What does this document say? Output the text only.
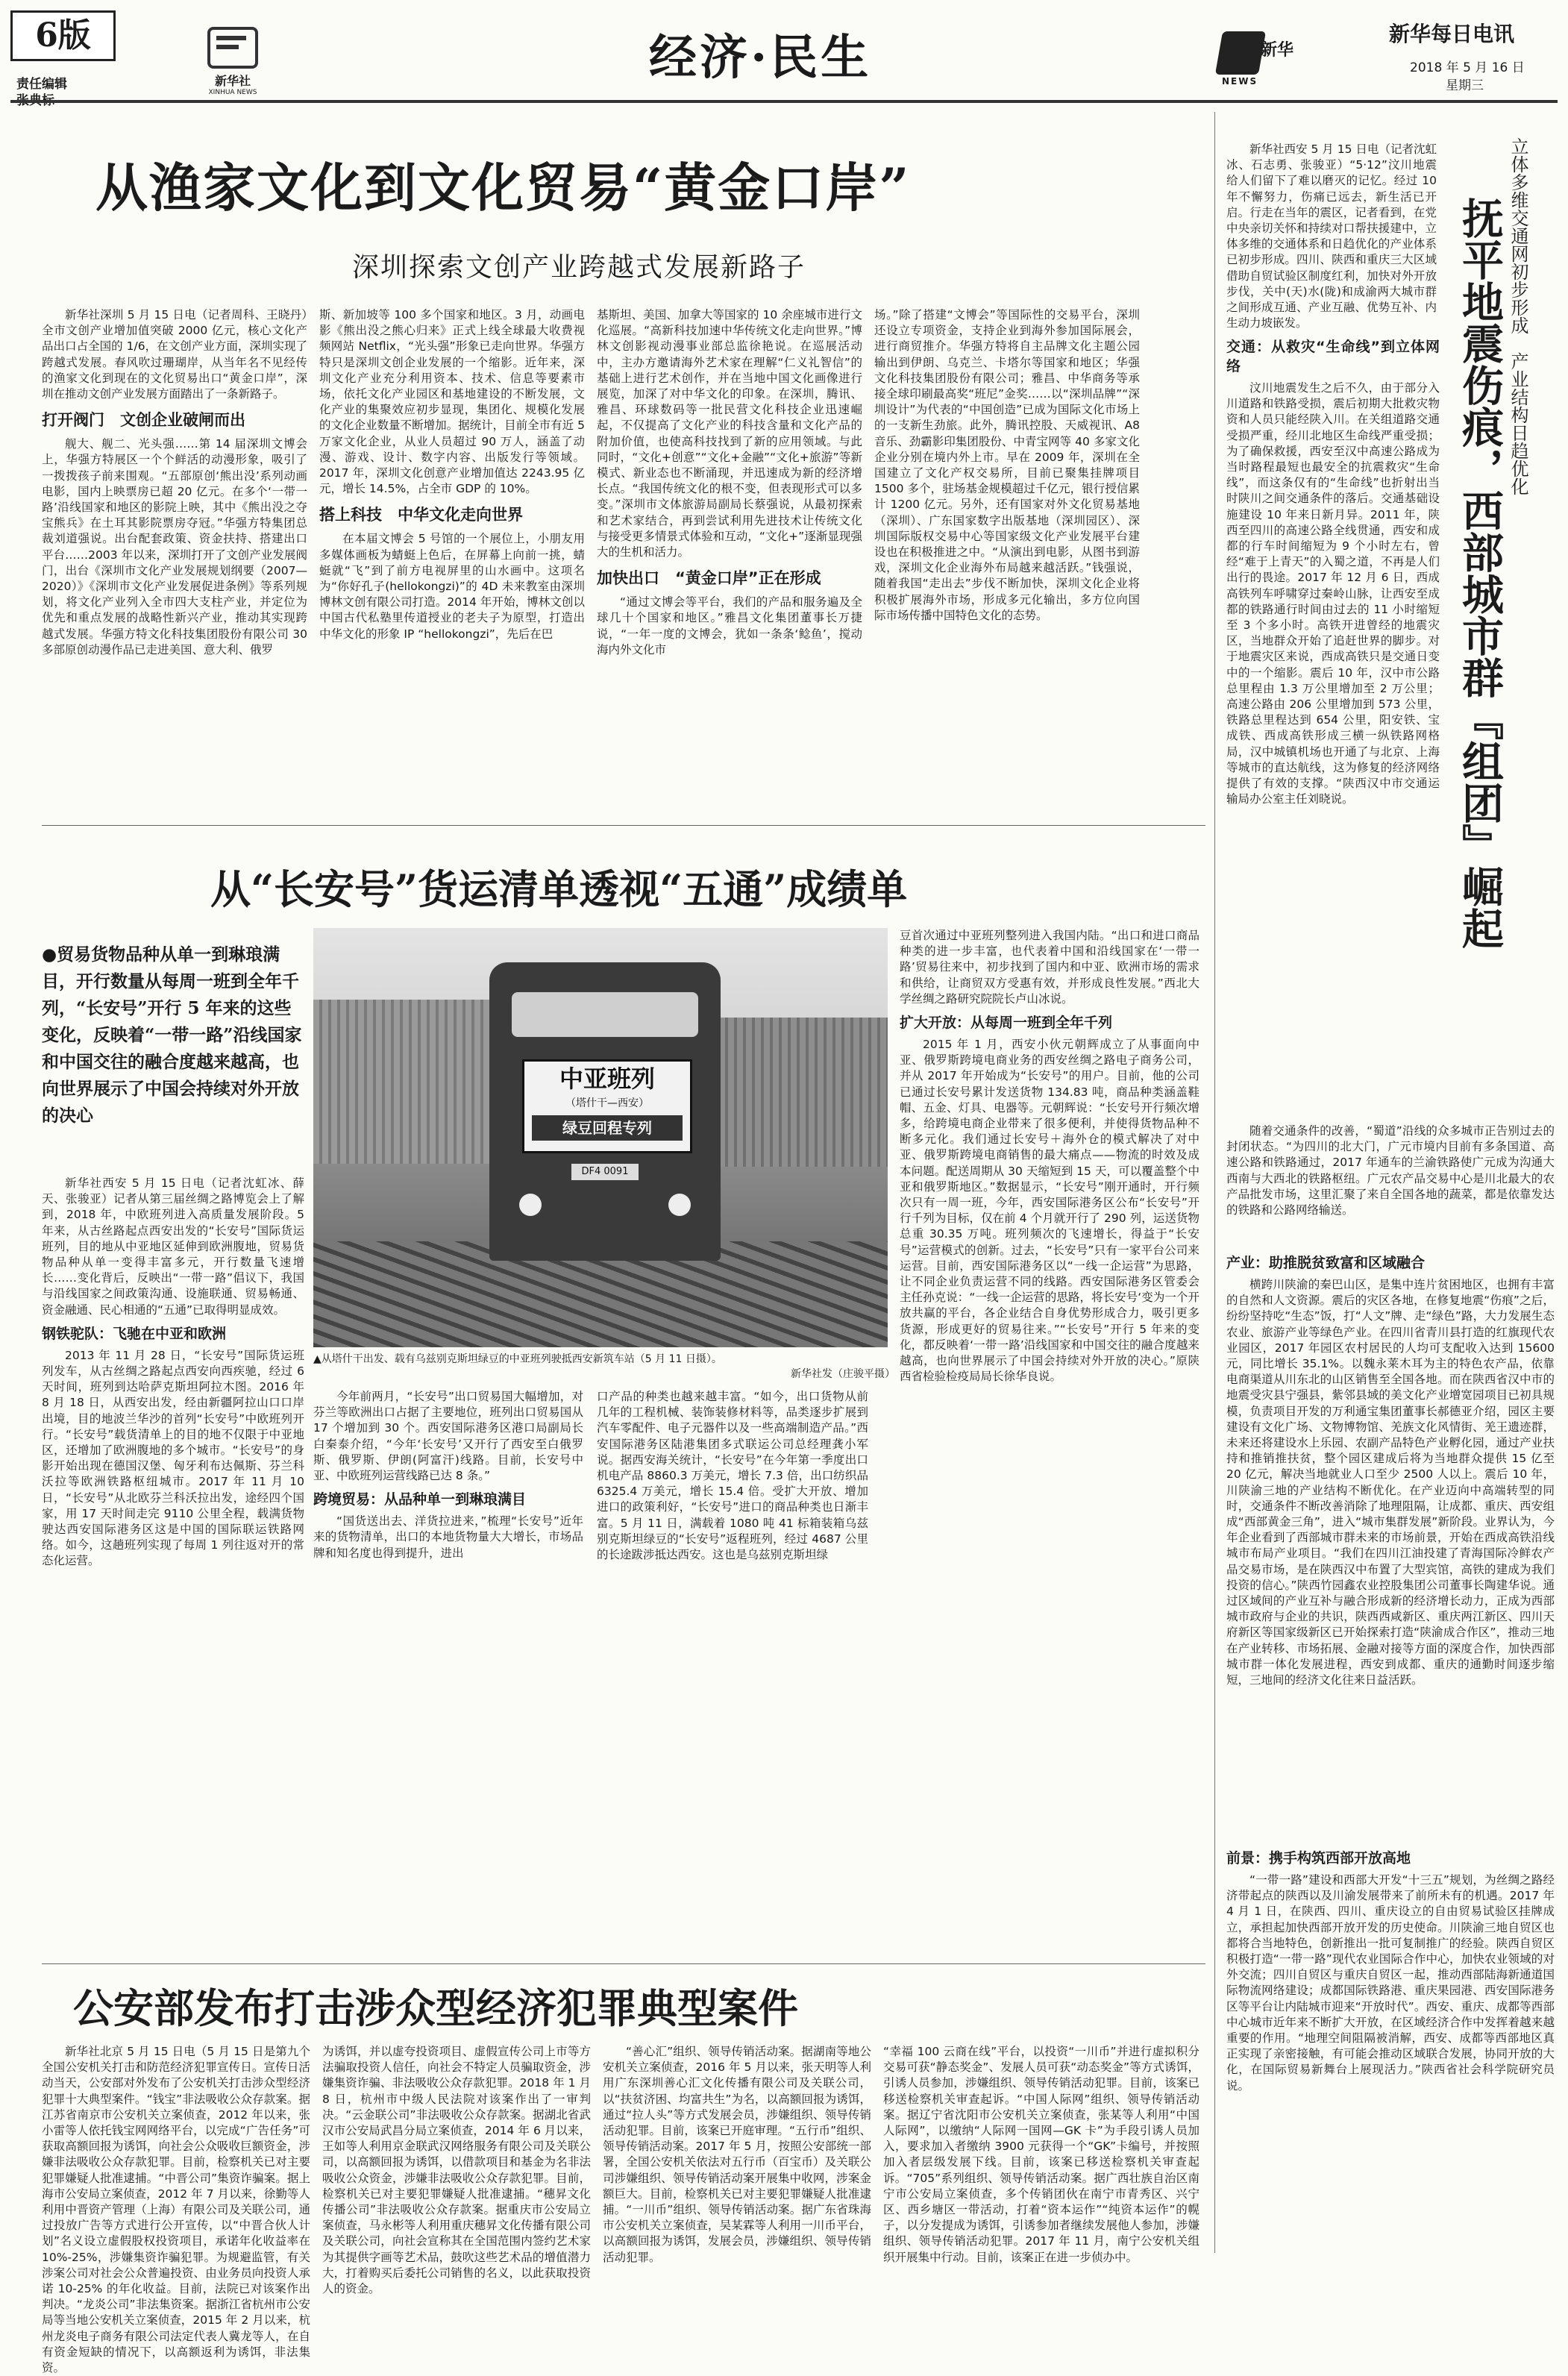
6版
责任编辑
张典标
新华社
XINHUA NEWS
经济·民生	新华
NEWS
新华每日电讯
2018 年 5 月 16 日
星期三
从渔家文化到文化贸易“黄金口岸”
深圳探索文创产业跨越式发展新路子

新华社深圳 5 月 15 日电（记者周科、王晓丹）全市文创产业增加值突破 2000 亿元，核心文化产品出口占全国的 1/6，在文创产业方面，深圳实现了跨越式发展。春风吹过珊瑚岸，从当年名不见经传的渔家文化到现在的文化贸易出口“黄金口岸”，深圳在推动文创产业发展方面踏出了一条新路子。

打开阀门　文创企业破闸而出

舰大、舰二、光头强……第 14 届深圳文博会上，华强方特展区一个个鲜活的动漫形象，吸引了一拨拨孩子前来围观。“五部原创‘熊出没’系列动画电影，国内上映票房已超 20 亿元。在多个‘一带一路’沿线国家和地区的影院上映，其中《熊出没之夺宝熊兵》在土耳其影院票房夺冠。”华强方特集团总裁刘道强说。出台配套政策、资金扶持、搭建出口平台……2003 年以来，深圳打开了文创产业发展阀门，出台《深圳市文化产业发展规划纲要（2007—2020）》《深圳市文化产业发展促进条例》等系列规划，将文化产业列入全市四大支柱产业，并定位为优先和重点发展的战略性新兴产业，推动其实现跨越式发展。华强方特文化科技集团股份有限公司 30 多部原创动漫作品已走进美国、意大利、俄罗

斯、新加坡等 100 多个国家和地区。3 月，动画电影《熊出没之熊心归来》正式上线全球最大收费视频网站 Netflix，“光头强”形象已走向世界。华强方特只是深圳文创企业发展的一个缩影。近年来，深圳文化产业充分利用资本、技术、信息等要素市场，依托文化产业园区和基地建设的不断发展，文化产业的集聚效应初步显现，集团化、规模化发展的文化企业数量不断增加。据统计，目前全市有近 5 万家文化企业，从业人员超过 90 万人，涵盖了动漫、游戏、设计、数字内容、出版发行等领域。2017 年，深圳文化创意产业增加值达 2243.95 亿元，增长 14.5%，占全市 GDP 的 10%。

搭上科技　中华文化走向世界

在本届文博会 5 号馆的一个展位上，小朋友用多媒体画板为蜻蜓上色后，在屏幕上向前一挑，蜻蜓就“飞”到了前方电视屏里的山水画中。这项名为“你好孔子(hellokongzi)”的 4D 未来教室由深圳博林文创有限公司打造。2014 年开始，博林文创以中国古代私塾里传道授业的老夫子为原型，打造出中华文化的形象 IP “hellokongzi”，先后在巴

基斯坦、美国、加拿大等国家的 10 余座城市进行文化巡展。“高新科技加速中华传统文化走向世界。”博林文创影视动漫事业部总监徐艳说。在巡展活动中，主办方邀请海外艺术家在理解“仁义礼智信”的基础上进行艺术创作，并在当地中国文化画像进行展览，加深了对中华文化的印象。在深圳，腾讯、雅昌、环球数码等一批民营文化科技企业迅速崛起，不仅提高了文化产业的科技含量和文化产品的附加价值，也使高科技找到了新的应用领域。与此同时，“文化+创意”“文化+金融”“文化+旅游”等新模式、新业态也不断涌现，并迅速成为新的经济增长点。“我国传统文化的根不变，但表现形式可以多变。”深圳市文体旅游局副局长蔡强说，从最初探索和艺术家结合，再到尝试利用先进技术让传统文化与接受更多情景式体验和互动，“文化+”逐渐显现强大的生机和活力。

加快出口　“黄金口岸”正在形成

“通过文博会等平台，我们的产品和服务遍及全球几十个国家和地区。”雅昌文化集团董事长万捷说，“一年一度的文博会，犹如一条条‘鲶鱼’，搅动海内外文化市

场。”除了搭建“文博会”等国际性的交易平台，深圳还设立专项资金，支持企业到海外参加国际展会，进行商贸推介。华强方特将自主品牌文化主题公园输出到伊朗、乌克兰、卡塔尔等国家和地区；华强文化科技集团股份有限公司；雅昌、中华商务等承接全球印刷最高奖“班尼”金奖……以“深圳品牌”“深圳设计”为代表的“中国创造”已成为国际文化市场上的一支新生劲旅。此外，腾讯控股、天威视讯、A8 音乐、劲霸影印集团股份、中青宝网等 40 多家文化企业分别在境内外上市。早在 2009 年，深圳在全国建立了文化产权交易所，目前已聚集挂牌项目 1500 多个，驻场基金规模超过千亿元，银行授信累计 1200 亿元。另外，还有国家对外文化贸易基地（深圳）、广东国家数字出版基地（深圳园区）、深圳国际版权交易中心等国家级文化产业发展平台建设也在积极推进之中。“从演出到电影，从图书到游戏，深圳文化企业海外布局越来越活跃。”钱强说，随着我国“走出去”步伐不断加快，深圳文化企业将积极扩展海外市场，形成多元化输出，多方位向国际市场传播中国特色文化的态势。

新华社西安 5 月 15 日电（记者沈虹冰、石志勇、张骏亚）“5·12”汶川地震给人们留下了难以磨灭的记忆。经过 10 年不懈努力，伤痛已远去，新生活已开启。行走在当年的震区，记者看到，在党中央亲切关怀和持续对口帮扶援建中，立体多维的交通体系和日趋优化的产业体系已初步形成。四川、陕西和重庆三大区域借助自贸试验区制度红利，加快对外开放步伐，关中(天)水(陇)和成渝两大城市群之间形成互通、产业互融、优势互补、内生动力坡嵌发。	立体多维交通网初步形成　产业结构日趋优化
抚平地震伤痕，西部城市群『组团』崛起
交通：从救灾“生命线”到立体网络

汶川地震发生之后不久，由于部分入川道路和铁路受损，震后初期大批救灾物资和人员只能经陕入川。在关组道路交通受损严重，经川北地区生命线严重受损；为了确保救援，西安至汉中高速公路成为当时路程最短也最安全的抗震救灾“生命线”，而这条仅有的“生命线”也折射出当时陕川之间交通条件的落后。交通基础设施建设 10 年来日新月异。2011 年，陕西至四川的高速公路全线贯通，西安和成都的行车时间缩短为 9 个小时左右，曾经“难于上青天”的入蜀之道，不再是人们出行的畏途。2017 年 12 月 6 日，西成高铁列车呼啸穿过秦岭山脉，让西安至成都的铁路通行时间由过去的 11 小时缩短至 3 个多小时。高铁开进曾经的地震灾区，当地群众开始了追赶世界的脚步。对于地震灾区来说，西成高铁只是交通日变中的一个缩影。震后 10 年，汉中市公路总里程由 1.3 万公里增加至 2 万公里；高速公路由 206 公里增加到 573 公里，铁路总里程达到 654 公里，阳安铁、宝成铁、西成高铁形成三横一纵铁路网格局，汉中城镇机场也开通了与北京、上海等城市的直达航线，这为修复的经济网络提供了有效的支撑。“陕西汉中市交通运输局办公室主任刘晓说。

随着交通条件的改善，“蜀道”沿线的众多城市正告别过去的封闭状态。“为四川的北大门，广元市境内目前有多条国道、高速公路和铁路通过，2017 年通车的兰渝铁路使广元成为沟通大西南与大西北的铁路枢纽。广元农产品交易中心是川北最大的农产品批发市场，这里汇聚了来自全国各地的蔬菜，都是依靠发达的铁路和公路网络输送。

产业：助推脱贫致富和区域融合

横跨川陕渝的秦巴山区，是集中连片贫困地区，也拥有丰富的自然和人文资源。震后的灾区各地，在修复地震“伤痕”之后，纷纷坚持吃“生态”饭，打“人文”牌、走“绿色”路，大力发展生态农业、旅游产业等绿色产业。在四川省青川县打造的红旗现代农业园区，2017 年园区农村居民的人均可支配收入达到 15600 元，同比增长 35.1%。以魏永莱木耳为主的特色农产品，依靠电商渠道从川东北的山区销售至全国各地。而在陕西省汉中市的地震受灾县宁强县，紫邻县域的美文化产业增宽园项目已初具规模，负责项目开发的万利通宝集团董事长郝德亚介绍，园区主要建设有文化广场、文物博物馆、羌族文化风情街、羌王遗迹群，未来还将建设水上乐园、农副产品特色产业孵化园，通过产业扶持和推销推扶贫，整个园区建成后将为当地群众提供 15 亿至 20 亿元，解决当地就业人口至少 2500 人以上。震后 10 年，川陕渝三地的产业结构不断优化。在产业迈向中高端转型的同时，交通条件不断改善消除了地理阻隔，让成都、重庆、西安组成“西部黄金三角”，进入“城市集群发展”新阶段。业界认为，今年企业看到了西部城市群未来的市场前景，开始在西成高铁沿线城市布局产业项目。“我们在四川江油投建了青海国际冷鲜农产品交易市场，是在陕西汉中布置了大型宾馆，高铁的建成为我们投资的信心。”陕西竹园鑫农业控股集团公司董事长陶建华说。通过区域间的产业互补与融合形成新的经济增长动力，正成为西部城市政府与企业的共识，陕西西咸新区、重庆两江新区、四川天府新区等国家级新区已开始探索打造“陕渝成合作区”，推动三地在产业转移、市场拓展、金融对接等方面的深度合作，加快西部城市群一体化发展进程，西安到成都、重庆的通勤时间逐步缩短，三地间的经济文化往来日益活跃。

前景：携手构筑西部开放高地

“一带一路”建设和西部大开发“十三五”规划，为丝绸之路经济带起点的陕西以及川渝发展带来了前所未有的机遇。2017 年 4 月 1 日，在陕西、四川、重庆设立的自由贸易试验区挂牌成立，承担起加快西部开放开发的历史使命。川陕渝三地自贸区也都将合当地特色，创新推出一批可复制推广的经验。陕西自贸区积极打造“一带一路”现代农业国际合作中心，加快农业领域的对外交流；四川自贸区与重庆自贸区一起，推动西部陆海新通道国际物流网络建设；成都国际铁路港、重庆果园港、西安国际港务区等平台让内陆城市迎来“开放时代”。西安、重庆、成都等西部中心城市近年来不断扩大开放，在区域经济合作中发挥着越来越重要的作用。“地理空间阻隔被消解，西安、成都等西部地区真正实现了亲密接触，有可能会推动区域联合发展，协同开放的大化，在国际贸易新舞台上展现活力。”陕西省社会科学院研究员说。

从“长安号”货运清单透视“五通”成绩单
●贸易货物品种从单一到琳琅满目，开行数量从每周一班到全年千列，“长安号”开行 5 年来的这些变化，反映着“一带一路”沿线国家和中国交往的融合度越来越高，也向世界展示了中国会持续对外开放的决心
中亚班列
（塔什干—西安）
绿豆回程专列
DF4 0091
▲从塔什干出发、载有乌兹别克斯坦绿豆的中亚班列驶抵西安新筑车站（5 月 11 日摄）。
新华社发（庄骏平摄）

新华社西安 5 月 15 日电（记者沈虹冰、薛天、张骏亚）记者从第三届丝绸之路博览会上了解到，2018 年，中欧班列进入高质量发展阶段。5 年来，从古丝路起点西安出发的“长安号”国际货运班列，目的地从中亚地区延伸到欧洲腹地，贸易货物品种从单一变得丰富多元，开行数量飞速增长……变化背后，反映出“一带一路”倡议下，我国与沿线国家之间政策沟通、设施联通、贸易畅通、资金融通、民心相通的“五通”已取得明显成效。

钢铁驼队：飞驰在中亚和欧洲

2013 年 11 月 28 日，“长安号”国际货运班列发车，从古丝绸之路起点西安向西疾驰，经过 6 天时间，班列到达哈萨克斯坦阿拉木图。2016 年 8 月 18 日，从西安出发，经由新疆阿拉山口口岸出境，目的地波兰华沙的首列“长安号”中欧班列开行。“长安号”载货清单上的目的地不仅限于中亚地区，还增加了欧洲腹地的多个城市。“长安号”的身影开始出现在德国汉堡、匈牙利布达佩斯、芬兰科沃拉等欧洲铁路枢纽城市。2017 年 11 月 10 日，“长安号”从北欧芬兰科沃拉出发，途经四个国家，用 17 天时间走完 9110 公里全程，载满货物驶达西安国际港务区这是中国的国际联运铁路网络。如今，这趟班列实现了每周 1 列往返对开的常态化运营。

今年前两月，“长安号”出口贸易国大幅增加，对芬兰等欧洲出口占据了主要地位，班列出口贸易国从 17 个增加到 30 个。西安国际港务区港口局副局长白秦泰介绍，“今年‘长安号’又开行了西安至白俄罗斯、俄罗斯、伊朗(阿富汗)线路。目前，长安号中亚、中欧班列运营线路已达 8 条。”

跨境贸易：从品种单一到琳琅满目

“国货送出去、洋货拉进来，”梳理“长安号”近年来的货物清单，出口的本地货物量大大增长，市场品牌和知名度也得到提升，进出

口产品的种类也越来越丰富。“如今，出口货物从前几年的工程机械、装饰装修材料等，品类逐步扩展到汽车零配件、电子元器件以及一些高端制造产品。”西安国际港务区陆港集团多式联运公司总经理龚小军说。据西安海关统计，“长安号”在今年第一季度出口机电产品 8860.3 万美元，增长 7.3 倍，出口纺织品 6325.4 万美元，增长 15.4 倍。受扩大开放、增加进口的政策利好，“长安号”进口的商品种类也日渐丰富。5 月 11 日，满载着 1080 吨 41 标箱装箱乌兹别克斯坦绿豆的“长安号”返程班列，经过 4687 公里的长途跋涉抵达西安。这也是乌兹别克斯坦绿

豆首次通过中亚班列整列进入我国内陆。“出口和进口商品种类的进一步丰富，也代表着中国和沿线国家在‘一带一路’贸易往来中，初步找到了国内和中亚、欧洲市场的需求和供给，让商贸双方受惠有效，并形成良性发展。”西北大学丝绸之路研究院院长卢山冰说。

扩大开放：从每周一班到全年千列

2015 年 1 月，西安小伙元朝辉成立了从事面向中亚、俄罗斯跨境电商业务的西安丝绸之路电子商务公司，并从 2017 年开始成为“长安号”的用户。目前，他的公司已通过长安号累计发送货物 134.83 吨，商品种类涵盖鞋帽、五金、灯具、电器等。元朝辉说：“长安号开行频次增多，给跨境电商企业带来了很多便利，并使得货物品种不断多元化。我们通过长安号＋海外仓的模式解决了对中亚、俄罗斯跨境电商销售的最大痛点——物流的时效及成本问题。配送周期从 30 天缩短到 15 天，可以覆盖整个中亚和俄罗斯地区。”数据显示，“长安号”刚开通时，开行频次只有一周一班，今年，西安国际港务区公布“长安号”开行千列为目标，仅在前 4 个月就开行了 290 列，运送货物总重 30.35 万吨。班列频次的飞速增长，得益于“长安号”运营模式的创新。过去，“长安号”只有一家平台公司来运营。目前，西安国际港务区以“一线一企运营”为思路，让不同企业负责运营不同的线路。西安国际港务区管委会主任孙克说：“一线一企运营的思路，将长安号‘变为一个开放共赢的平台，各企业结合自身优势形成合力，吸引更多货源，形成更好的贸易往来。”“长安号”开行 5 年来的变化，都反映着‘一带一路’沿线国家和中国交往的融合度越来越高，也向世界展示了中国会持续对外开放的决心。”原陕西省检验检疫局局长徐华良说。

公安部发布打击涉众型经济犯罪典型案件

新华社北京 5 月 15 日电（5 月 15 日是第九个全国公安机关打击和防范经济犯罪宣传日。宣传日活动当天，公安部对外发布了公安机关打击涉众型经济犯罪十大典型案件。“钱宝”非法吸收公众存款案。据江苏省南京市公安机关立案侦查，2012 年以来，张小雷等人依托钱宝网网络平台，以完成“广告任务”可获取高额回报为诱饵，向社会公众吸收巨额资金，涉嫌非法吸收公众存款犯罪。目前，检察机关已对主要犯罪嫌疑人批准逮捕。“中晋公司”集资诈骗案。据上海市公安局立案侦查，2012 年 7 月以来，徐勤等人利用中晋资产管理（上海）有限公司及关联公司，通过投放广告等方式进行公开宣传，以“中晋合伙人计划”名义设立虚假股权投资项目，承诺年化收益率在 10%-25%，涉嫌集资诈骗犯罪。为规避监管，有关涉案公司对社会公众普遍投资、由业务员向投资人承诺 10-25% 的年化收益。目前，法院已对该案作出判决。“龙炎公司”非法集资案。据浙江省杭州市公安局等当地公安机关立案侦查，2015 年 2 月以来，杭州龙炎电子商务有限公司法定代表人冀龙等人，在自有资金短缺的情况下，以高额返利为诱饵，非法集资。

为诱饵，并以虚夸投资项目、虚假宣传公司上市等方法骗取投资人信任，向社会不特定人员骗取资金，涉嫌集资诈骗、非法吸收公众存款犯罪。2018 年 1 月 8 日，杭州市中级人民法院对该案作出了一审判决。“云金联公司”非法吸收公众存款案。据湖北省武汉市公安局武昌分局立案侦查，2014 年 6 月以来，王如等人利用京金联武汉网络服务有限公司及关联公司，以高额回报为诱饵，以借款项目和基金为名非法吸收公众资金，涉嫌非法吸收公众存款犯罪。目前，检察机关已对主要犯罪嫌疑人批准逮捕。“穗昇文化传播公司”非法吸收公众存款案。据重庆市公安局立案侦查，马永彬等人利用重庆穗昇文化传播有限公司及关联公司，向社会宣称其在全国范围内签约艺术家为其提供字画等艺术品，鼓吹这些艺术品的增值潜力大，打着购买后委托公司销售的名义，以此获取投资人的资金。

“善心汇”组织、领导传销活动案。据湖南等地公安机关立案侦查，2016 年 5 月以来，张天明等人利用广东深圳善心汇文化传播有限公司及关联公司，以“扶贫济困、均富共生”为名，以高额回报为诱饵，通过“拉人头”等方式发展会员，涉嫌组织、领导传销活动犯罪。目前，该案已开庭审理。“五行币”组织、领导传销活动案。2017 年 5 月，按照公安部统一部署，全国公安机关依法对五行币（百宝币）及关联公司涉嫌组织、领导传销活动案开展集中收网，涉案金额巨大。目前，检察机关已对主要犯罪嫌疑人批准逮捕。“一川币”组织、领导传销活动案。据广东省珠海市公安机关立案侦查，吴某霖等人利用一川币平台，以高额回报为诱饵，发展会员，涉嫌组织、领导传销活动犯罪。

“幸福 100 云商在线”平台，以投资“一川币”并进行虚拟积分交易可获“静态奖金”、发展人员可获“动态奖金”等方式诱饵，引诱人员参加，涉嫌组织、领导传销活动犯罪。目前，该案已移送检察机关审查起诉。“中国人际网”组织、领导传销活动案。据辽宁省沈阳市公安机关立案侦查，张某等人利用“中国人际网”，以缴纳“人际网一国网—GK 卡”为手段引诱人员加入，要求加入者缴纳 3900 元获得一个“GK”卡编号，并按照加入者层级发展下线。目前，该案已移送检察机关审查起诉。“705”系列组织、领导传销活动案。据广西壮族自治区南宁市公安局立案侦查，多个传销团伙在南宁市青秀区、兴宁区、西乡塘区一带活动，打着“资本运作”“纯资本运作”的幌子，以分发提成为诱饵，引诱参加者继续发展他人参加，涉嫌组织、领导传销活动犯罪。2017 年 11 月，南宁公安机关组织开展集中行动。目前，该案正在进一步侦办中。
